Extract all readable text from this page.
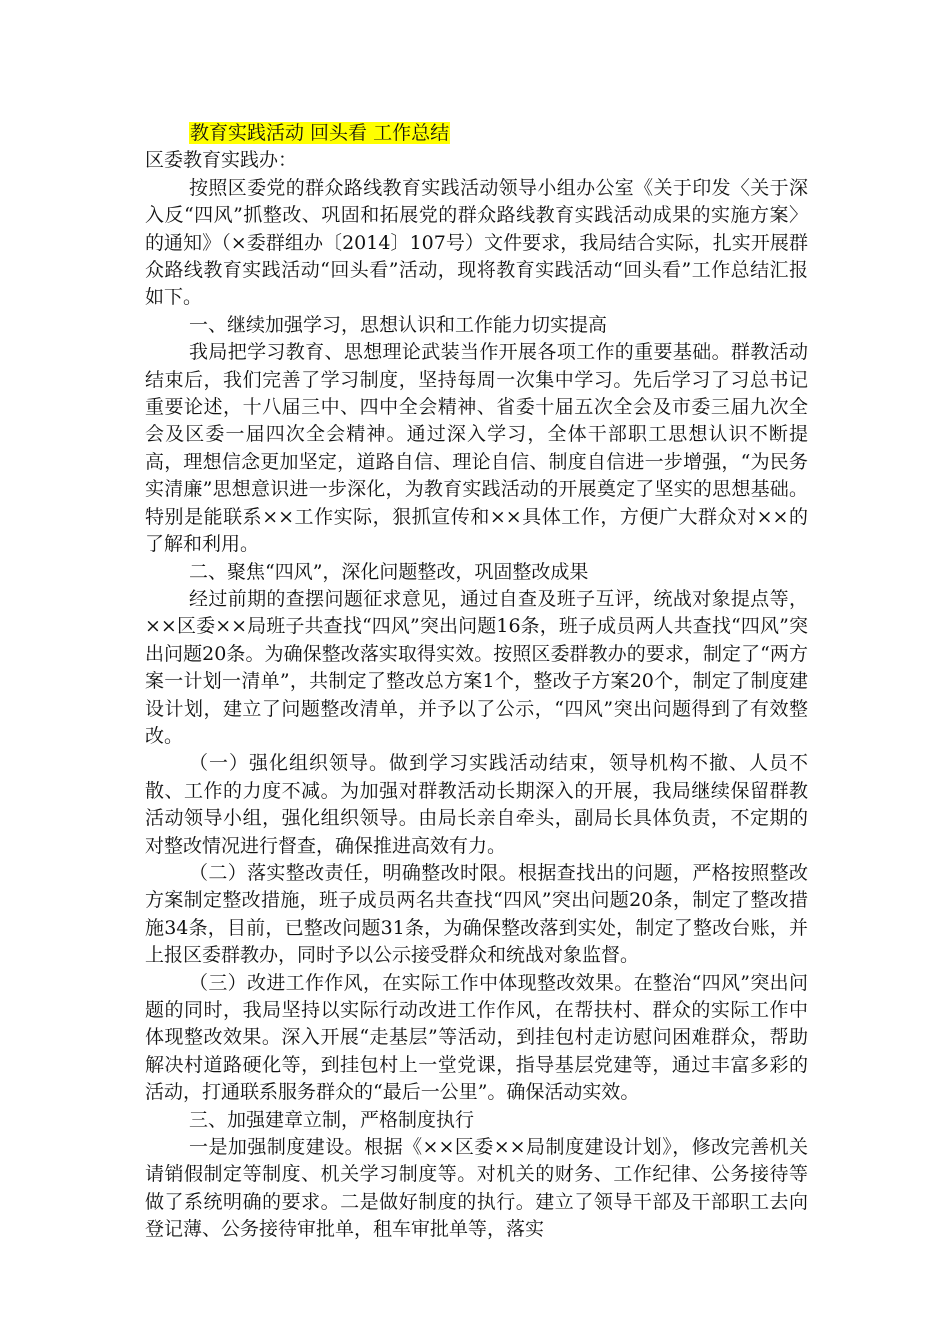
教育实践活动 回头看 工作总结

区委教育实践办：

按照区委党的群众路线教育实践活动领导小组办公室《关于印发〈关于深入反“四风”抓整改、巩固和拓展党的群众路线教育实践活动成果的实施方案〉的通知》（×委群组办〔2014〕107号）文件要求，我局结合实际，扎实开展群众路线教育实践活动“回头看”活动，现将教育实践活动“回头看”工作总结汇报如下。

一、继续加强学习，思想认识和工作能力切实提高

我局把学习教育、思想理论武装当作开展各项工作的重要基础。群教活动结束后，我们完善了学习制度，坚持每周一次集中学习。先后学习了习总书记重要论述，十八届三中、四中全会精神、省委十届五次全会及市委三届九次全会及区委一届四次全会精神。通过深入学习，全体干部职工思想认识不断提高，理想信念更加坚定，道路自信、理论自信、制度自信进一步增强，“为民务实清廉”思想意识进一步深化，为教育实践活动的开展奠定了坚实的思想基础。特别是能联系××工作实际，狠抓宣传和××具体工作，方便广大群众对××的了解和利用。

二、聚焦“四风”，深化问题整改，巩固整改成果

经过前期的查摆问题征求意见，通过自查及班子互评，统战对象提点等，××区委××局班子共查找“四风”突出问题16条，班子成员两人共查找“四风”突出问题20条。为确保整改落实取得实效。按照区委群教办的要求，制定了“两方案一计划一清单”，共制定了整改总方案1个，整改子方案20个，制定了制度建设计划，建立了问题整改清单，并予以了公示，“四风”突出问题得到了有效整改。

（一）强化组织领导。做到学习实践活动结束，领导机构不撤、人员不散、工作的力度不减。为加强对群教活动长期深入的开展，我局继续保留群教活动领导小组，强化组织领导。由局长亲自牵头，副局长具体负责，不定期的对整改情况进行督查，确保推进高效有力。

（二）落实整改责任，明确整改时限。根据查找出的问题，严格按照整改方案制定整改措施，班子成员两名共查找“四风”突出问题20条，制定了整改措施34条，目前，已整改问题31条，为确保整改落到实处，制定了整改台账，并上报区委群教办，同时予以公示接受群众和统战对象监督。

（三）改进工作作风，在实际工作中体现整改效果。在整治“四风”突出问题的同时，我局坚持以实际行动改进工作作风，在帮扶村、群众的实际工作中体现整改效果。深入开展“走基层”等活动，到挂包村走访慰问困难群众，帮助解决村道路硬化等，到挂包村上一堂党课，指导基层党建等，通过丰富多彩的活动，打通联系服务群众的“最后一公里”。确保活动实效。

三、加强建章立制，严格制度执行

一是加强制度建设。根据《××区委××局制度建设计划》，修改完善机关请销假制定等制度、机关学习制度等。对机关的财务、工作纪律、公务接待等做了系统明确的要求。二是做好制度的执行。建立了领导干部及干部职工去向登记薄、公务接待审批单，租车审批单等，落实
